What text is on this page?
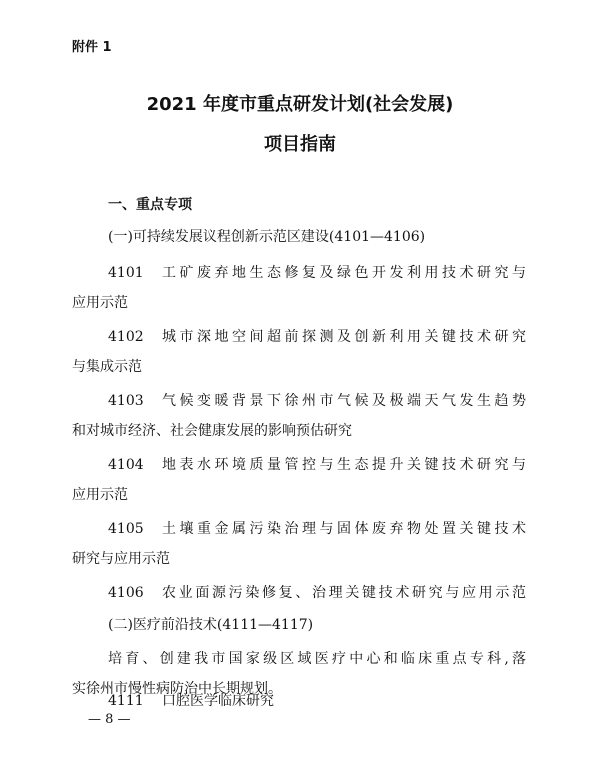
附件 1
2021 年度市重点研发计划(社会发展)
项目指南
一、重点专项
(一)可持续发展议程创新示范区建设(4101—4106)
4101 工矿废弃地生态修复及绿色开发利用技术研究与
应用示范
4102 城市深地空间超前探测及创新利用关键技术研究
与集成示范
4103 气候变暖背景下徐州市气候及极端天气发生趋势
和对城市经济、社会健康发展的影响预估研究
4104 地表水环境质量管控与生态提升关键技术研究与
应用示范
4105 土壤重金属污染治理与固体废弃物处置关键技术
研究与应用示范
4106 农业面源污染修复、治理关键技术研究与应用示范
(二)医疗前沿技术(4111—4117)
培育、创建我市国家级区域医疗中心和临床重点专科,落
实徐州市慢性病防治中长期规划。
4111 口腔医学临床研究
— 8 —
